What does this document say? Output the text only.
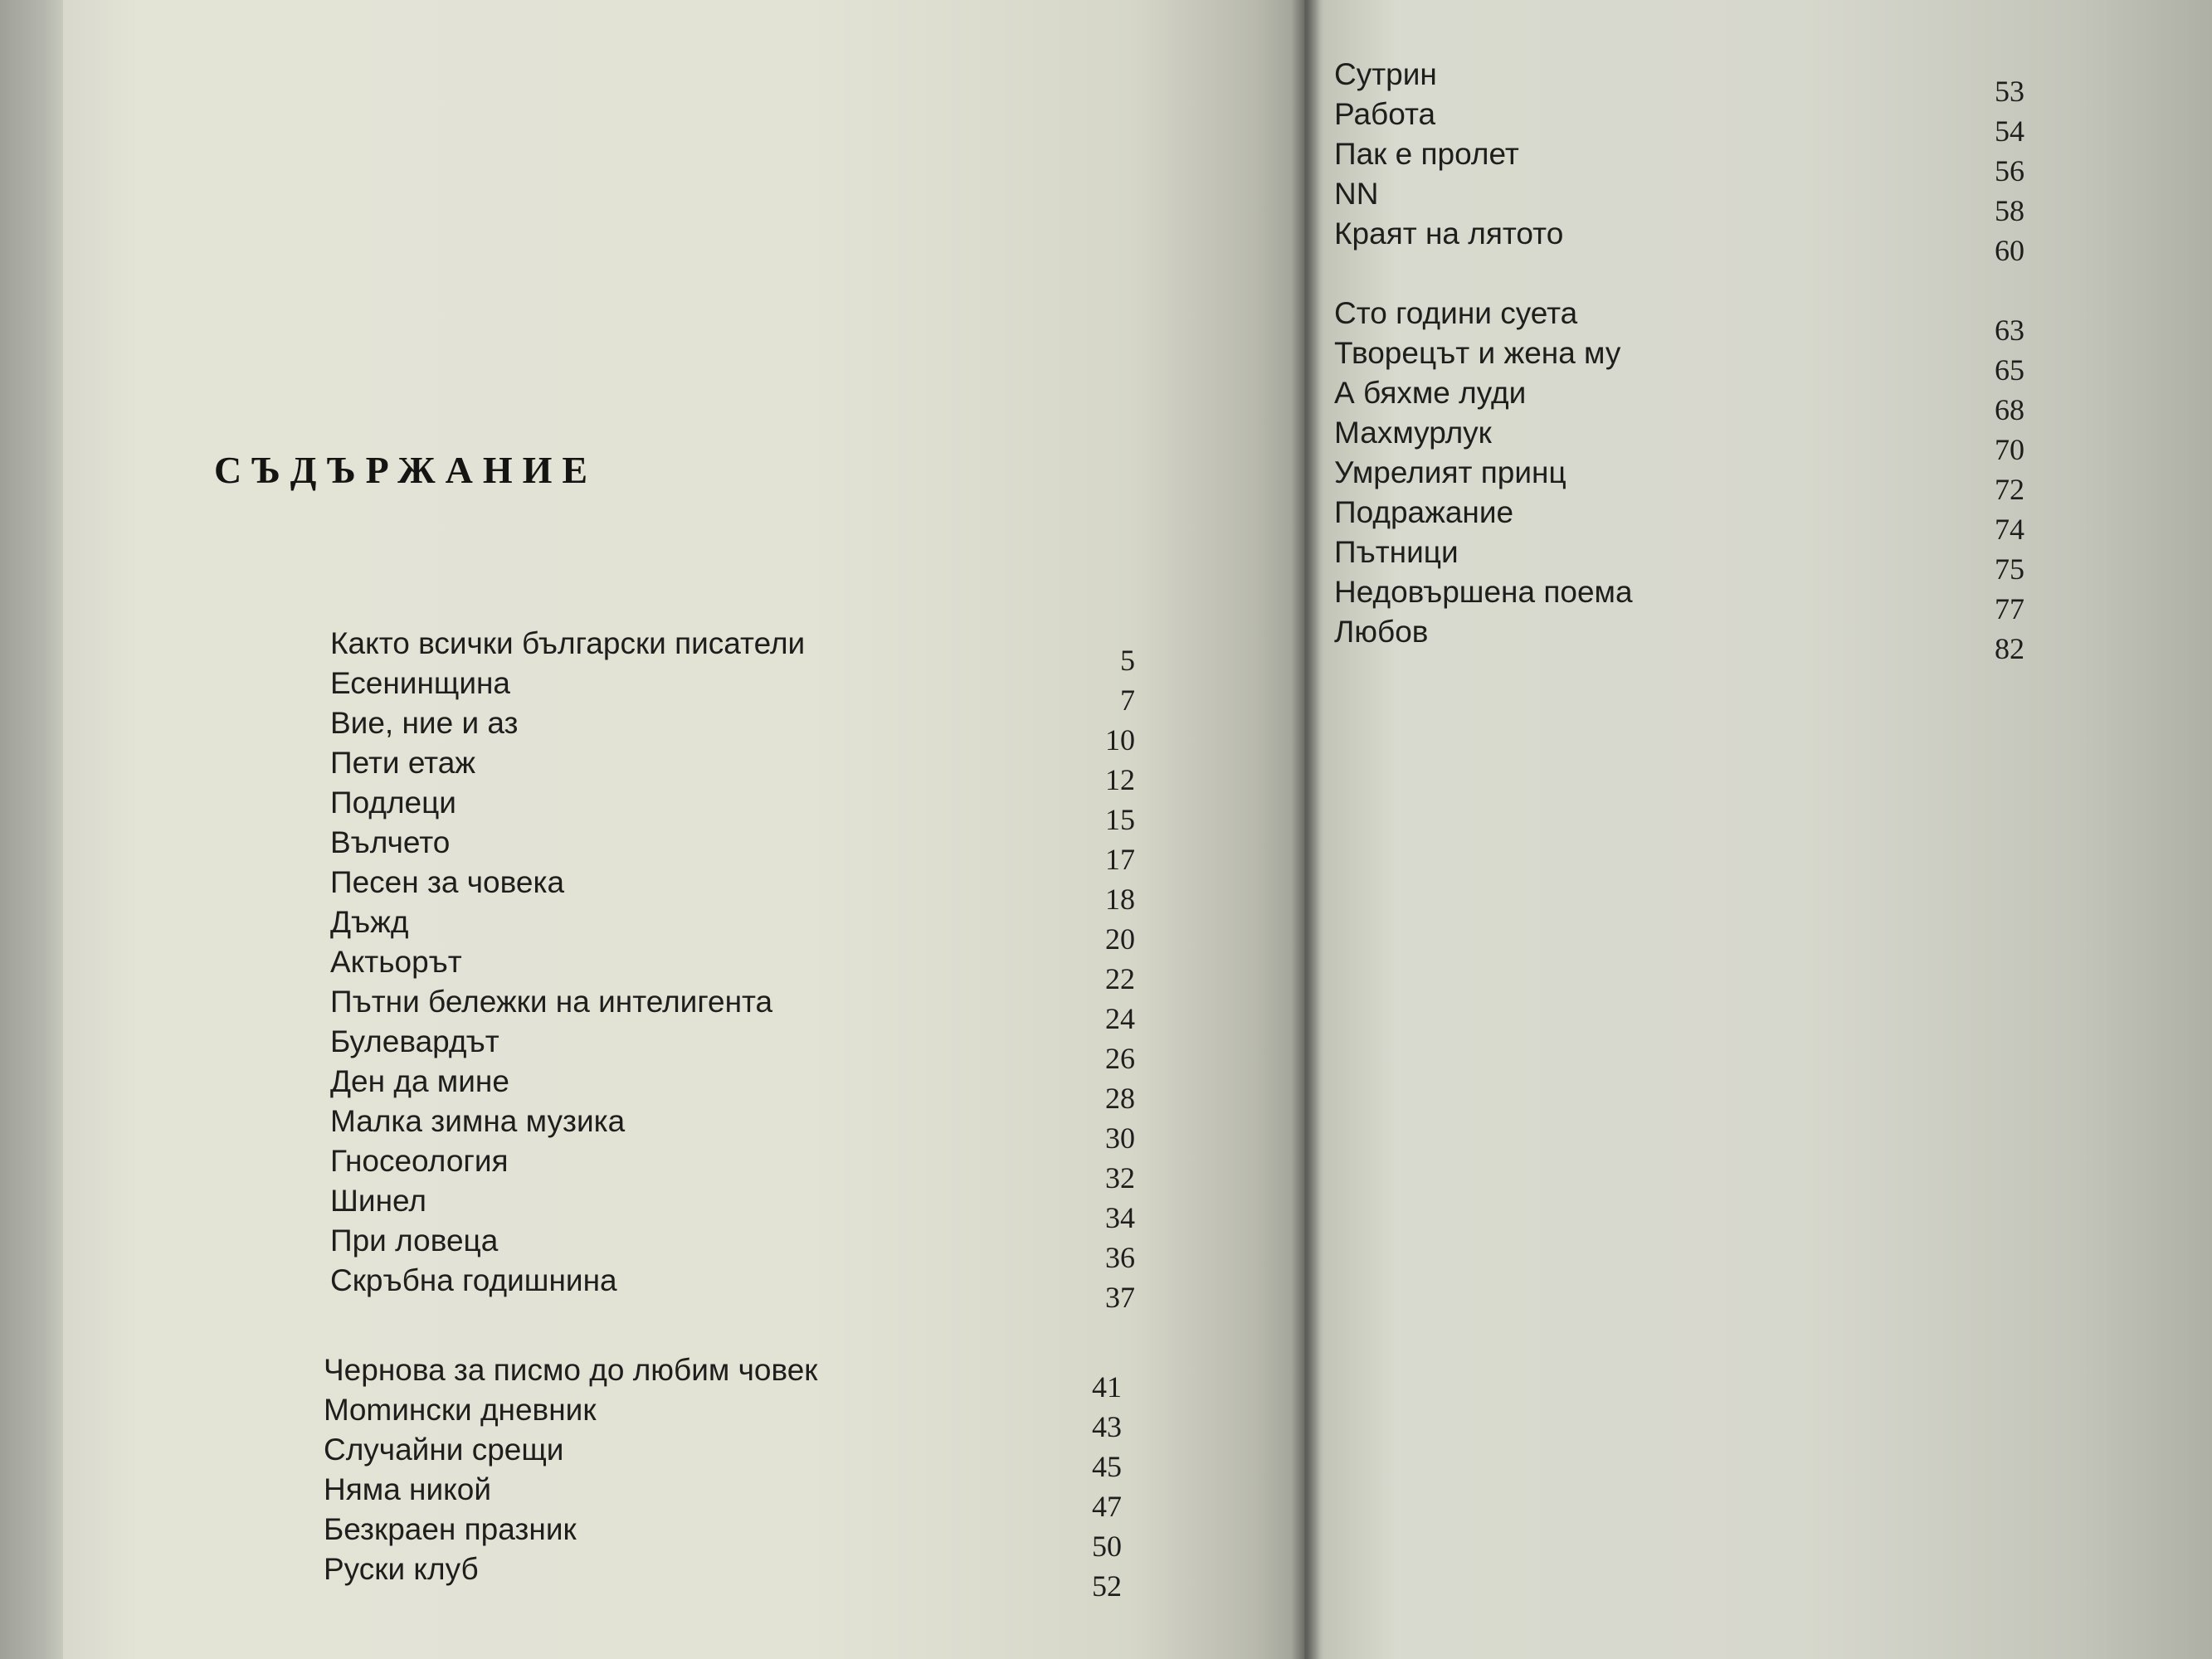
СЪДЪРЖАНИЕ
Както всички български писатели	5
Есенинщина	7
Вие, ние и аз	10
Пети етаж	12
Подлеци	15
Вълчето	17
Песен за човека	18
Дъжд	20
Актьорът	22
Пътни бележки на интелигента	24
Булевардът	26
Ден да мине	28
Малка зимна музика	30
Гносеология	32
Шинел	34
При ловеца	36
Скръбна годишнина	37
Чернова за писмо до любим човек	41
Momински дневник	43
Случайни срещи	45
Няма никой	47
Безкраен празник	50
Руски клуб	52
Сутрин	53
Работа	54
Пак е пролет	56
NN	58
Краят на лятото	60
Сто години суета	63
Творецът и жена му	65
А бяхме луди	68
Махмурлук	70
Умрелият принц	72
Подражание	74
Пътници	75
Недовършена поема	77
Любов	82
